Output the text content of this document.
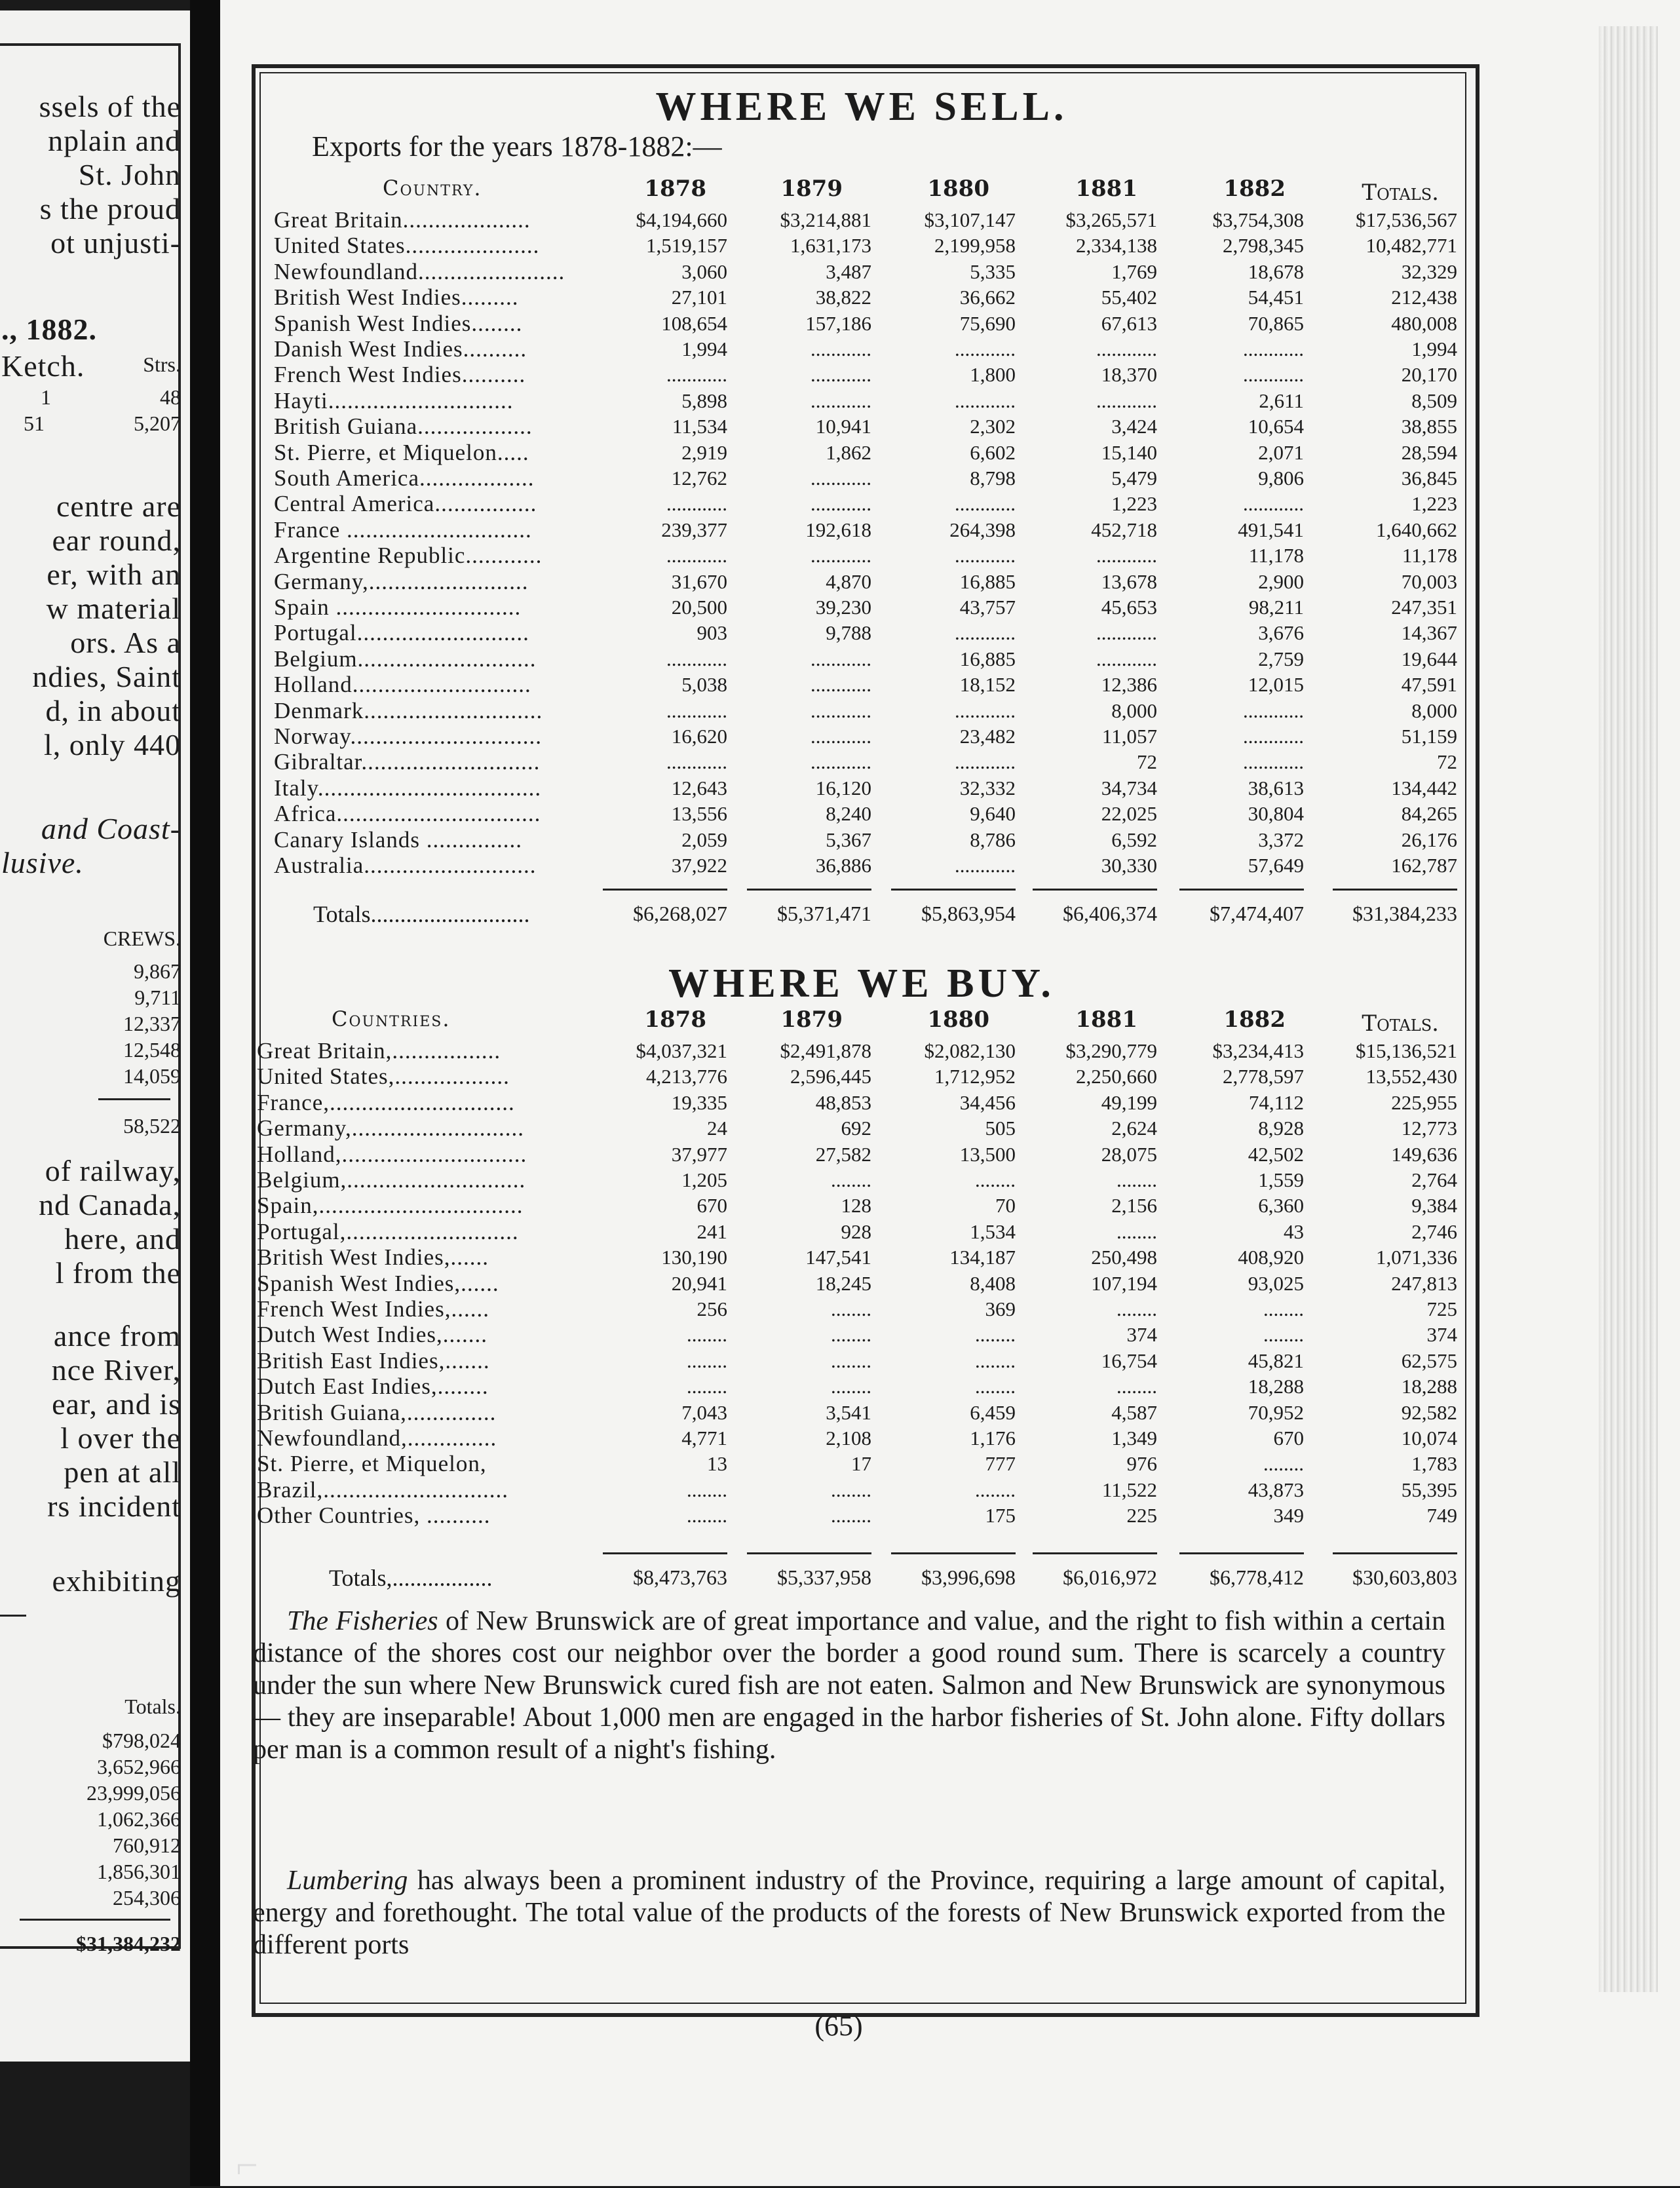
ssels of the
nplain and
St. John
s the proud
ot unjusti-
., 1882.
Ketch.	Strs.
1	48
51	5,207
centre are
ear round,
er, with an
w material
ors. As a
ndies, Saint
d, in about
l, only 440
and Coast-
lusive.
CREWS.
9,867
9,711
12,337
12,548
14,059
58,522
of railway,
nd Canada,
here, and
l from the
ance from
nce River,
ear, and is
l over the
pen at all
rs incident
exhibiting
Totals.
$798,024
3,652,966
23,999,056
1,062,366
760,912
1,856,301
254,306
$31,384,232
WHERE WE SELL.
Exports for the years 1878-1882:—
Country.	1878	1879	1880	1881	1882	Totals.
Great Britain....................	$4,194,660	$3,214,881	$3,107,147	$3,265,571	$3,754,308	$17,536,567
United States.....................	1,519,157	1,631,173	2,199,958	2,334,138	2,798,345	10,482,771
Newfoundland.......................	3,060	3,487	5,335	1,769	18,678	32,329
British West Indies.........	27,101	38,822	36,662	55,402	54,451	212,438
Spanish West Indies........	108,654	157,186	75,690	67,613	70,865	480,008
Danish West Indies..........	1,994	............	............	............	............	1,994
French West Indies..........	............	............	1,800	18,370	............	20,170
Hayti.............................	5,898	............	............	............	2,611	8,509
British Guiana..................	11,534	10,941	2,302	3,424	10,654	38,855
St. Pierre, et Miquelon.....	2,919	1,862	6,602	15,140	2,071	28,594
South America..................	12,762	............	8,798	5,479	9,806	36,845
Central America................	............	............	............	1,223	............	1,223
France .............................	239,377	192,618	264,398	452,718	491,541	1,640,662
Argentine Republic............	............	............	............	............	11,178	11,178
Germany,.........................	31,670	4,870	16,885	13,678	2,900	70,003
Spain .............................	20,500	39,230	43,757	45,653	98,211	247,351
Portugal...........................	903	9,788	............	............	3,676	14,367
Belgium............................	............	............	16,885	............	2,759	19,644
Holland............................	5,038	............	18,152	12,386	12,015	47,591
Denmark............................	............	............	............	8,000	............	8,000
Norway..............................	16,620	............	23,482	11,057	............	51,159
Gibraltar............................	............	............	............	72	............	72
Italy...................................	12,643	16,120	32,332	34,734	38,613	134,442
Africa................................	13,556	8,240	9,640	22,025	30,804	84,265
Canary Islands ...............	2,059	5,367	8,786	6,592	3,372	26,176
Australia...........................	37,922	36,886	............	30,330	57,649	162,787
Totals...........................	$6,268,027	$5,371,471	$5,863,954	$6,406,374	$7,474,407	$31,384,233
WHERE WE BUY.
Countries.	1878	1879	1880	1881	1882	Totals.
Great Britain,.................	$4,037,321	$2,491,878	$2,082,130	$3,290,779	$3,234,413	$15,136,521
United States,..................	4,213,776	2,596,445	1,712,952	2,250,660	2,778,597	13,552,430
France,.............................	19,335	48,853	34,456	49,199	74,112	225,955
Germany,...........................	24	692	505	2,624	8,928	12,773
Holland,.............................	37,977	27,582	13,500	28,075	42,502	149,636
Belgium,............................	1,205	........	........	........	1,559	2,764
Spain,................................	670	128	70	2,156	6,360	9,384
Portugal,...........................	241	928	1,534	........	43	2,746
British West Indies,......	130,190	147,541	134,187	250,498	408,920	1,071,336
Spanish West Indies,......	20,941	18,245	8,408	107,194	93,025	247,813
French West Indies,......	256	........	369	........	........	725
Dutch West Indies,.......	........	........	........	374	........	374
British East Indies,.......	........	........	........	16,754	45,821	62,575
Dutch East Indies,........	........	........	........	........	18,288	18,288
British Guiana,..............	7,043	3,541	6,459	4,587	70,952	92,582
Newfoundland,..............	4,771	2,108	1,176	1,349	670	10,074
St. Pierre, et Miquelon,	13	17	777	976	........	1,783
Brazil,.............................	........	........	........	11,522	43,873	55,395
Other Countries, ..........	........	........	175	225	349	749
Totals,.................	$8,473,763	$5,337,958	$3,996,698	$6,016,972	$6,778,412	$30,603,803

The Fisheries of New Brunswick are of great importance and value, and the right to fish within a certain distance of the shores cost our neighbor over the border a good round sum. There is scarcely a country under the sun where New Brunswick cured fish are not eaten. Salmon and New Brunswick are synonymous — they are inseparable! About 1,000 men are engaged in the harbor fisheries of St. John alone. Fifty dollars per man is a common result of a night's fishing.

Lumbering has always been a prominent industry of the Province, requiring a large amount of capital, energy and forethought. The total value of the products of the forests of New Brunswick exported from the different ports

(65)
⌐
